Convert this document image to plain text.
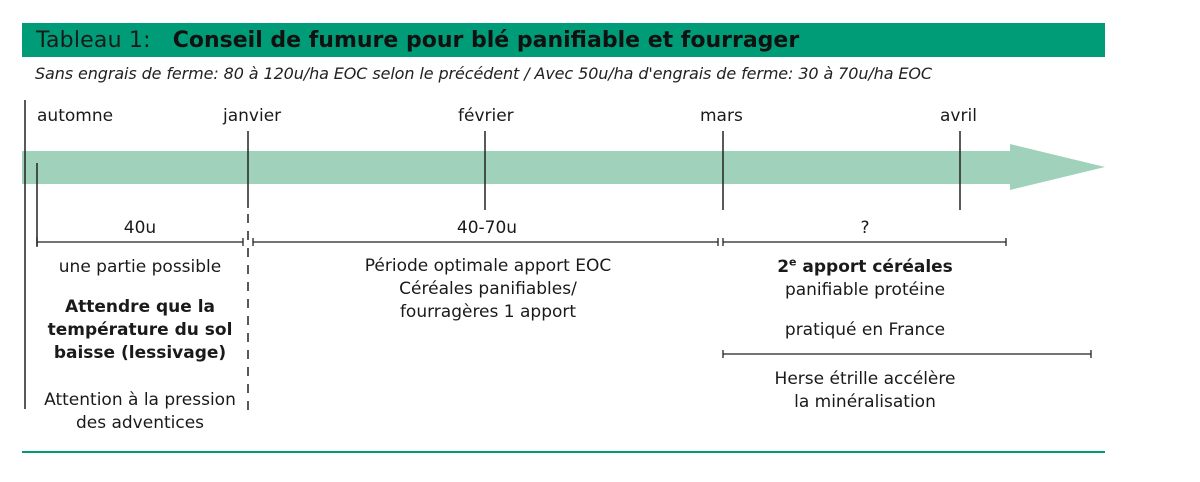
Tableau 1: Conseil de fumure pour blé panifiable et fourrager
Sans engrais de ferme: 80 à 120u/ha EOC selon le précédent / Avec 50u/ha d'engrais de ferme: 30 à 70u/ha EOC
automne	janvier	février	mars	avril
40u	40-70u	?
une partie possible
Attendre que la
température du sol
baisse (lessivage)
Attention à la pression
des adventices
Période optimale apport EOC
Céréales panifiables/
fourragères 1 apport
2e apport céréales
panifiable protéine
pratiqué en France
Herse étrille accélère
la minéralisation
